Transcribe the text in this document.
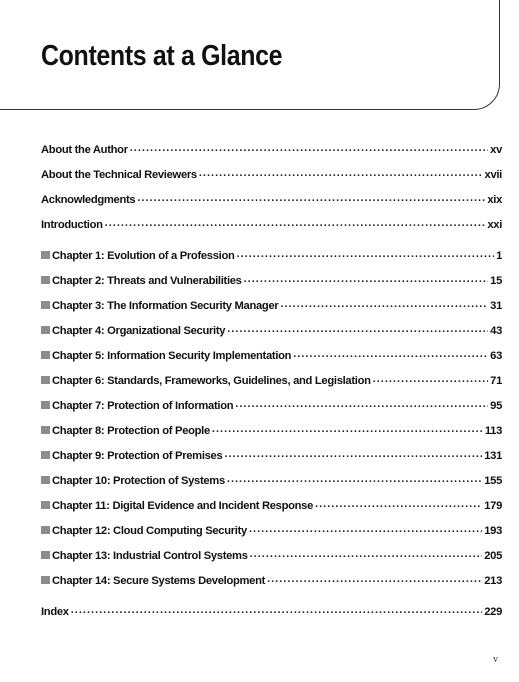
Contents at a Glance
About the Author .....	xv
About the Technical Reviewers .....	xvii
Acknowledgments .....	xix
Introduction .....	xxi
Chapter 1: Evolution of a Profession .....	1
Chapter 2: Threats and Vulnerabilities .....	15
Chapter 3: The Information Security Manager .....	31
Chapter 4: Organizational Security .....	43
Chapter 5: Information Security Implementation .....	63
Chapter 6: Standards, Frameworks, Guidelines, and Legislation .....	71
Chapter 7: Protection of Information .....	95
Chapter 8: Protection of People .....	113
Chapter 9: Protection of Premises .....	131
Chapter 10: Protection of Systems .....	155
Chapter 11: Digital Evidence and Incident Response .....	179
Chapter 12: Cloud Computing Security .....	193
Chapter 13: Industrial Control Systems .....	205
Chapter 14: Secure Systems Development .....	213
Index .....	229
v
